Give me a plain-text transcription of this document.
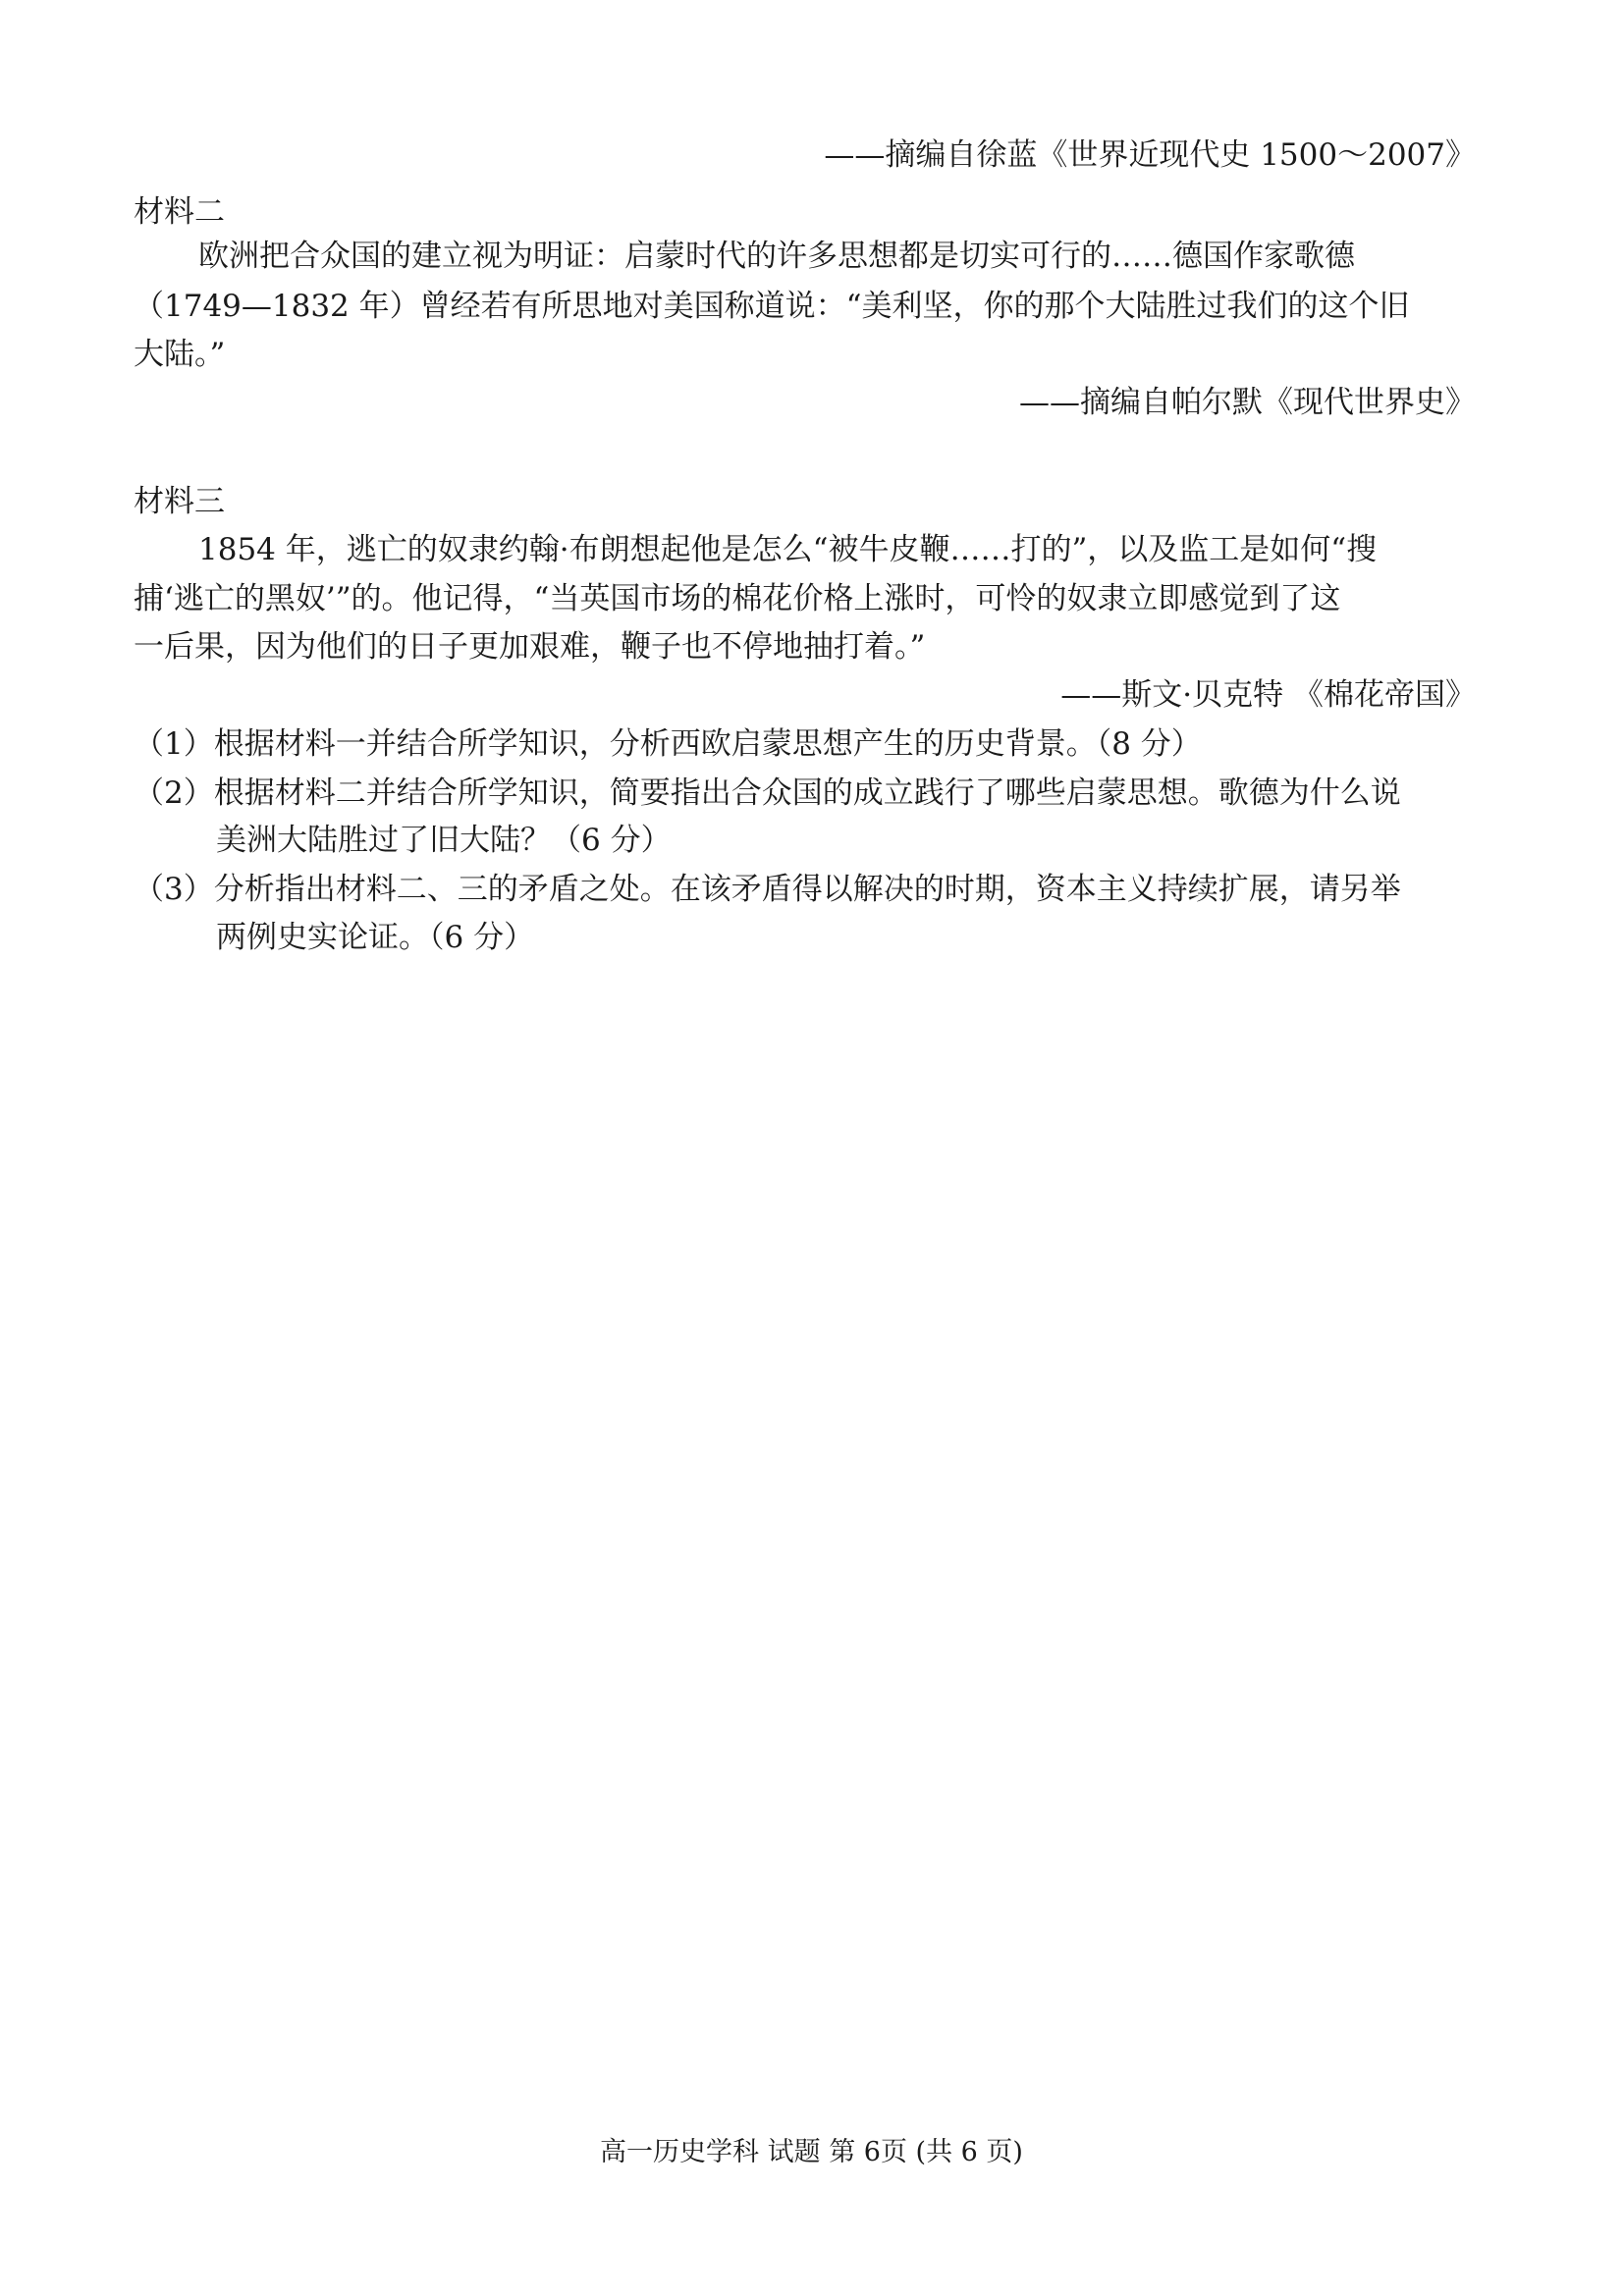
——摘编自徐蓝《世界近现代史 1500～2007》
材料二
欧洲把合众国的建立视为明证：启蒙时代的许多思想都是切实可行的……德国作家歌德
（1749—1832 年）曾经若有所思地对美国称道说：“美利坚，你的那个大陆胜过我们的这个旧
大陆。”
——摘编自帕尔默《现代世界史》
材料三
1854 年，逃亡的奴隶约翰·布朗想起他是怎么“被牛皮鞭……打的”，以及监工是如何“搜
捕‘逃亡的黑奴’”的。他记得，“当英国市场的棉花价格上涨时，可怜的奴隶立即感觉到了这
一后果，因为他们的日子更加艰难，鞭子也不停地抽打着。”
——斯文·贝克特 《棉花帝国》
（1）根据材料一并结合所学知识，分析西欧启蒙思想产生的历史背景。（8 分）
（2）根据材料二并结合所学知识，简要指出合众国的成立践行了哪些启蒙思想。歌德为什么说
美洲大陆胜过了旧大陆？（6 分）
（3）分析指出材料二、三的矛盾之处。在该矛盾得以解决的时期，资本主义持续扩展，请另举
两例史实论证。（6 分）
高一历史学科 试题 第 6页 (共 6 页)
